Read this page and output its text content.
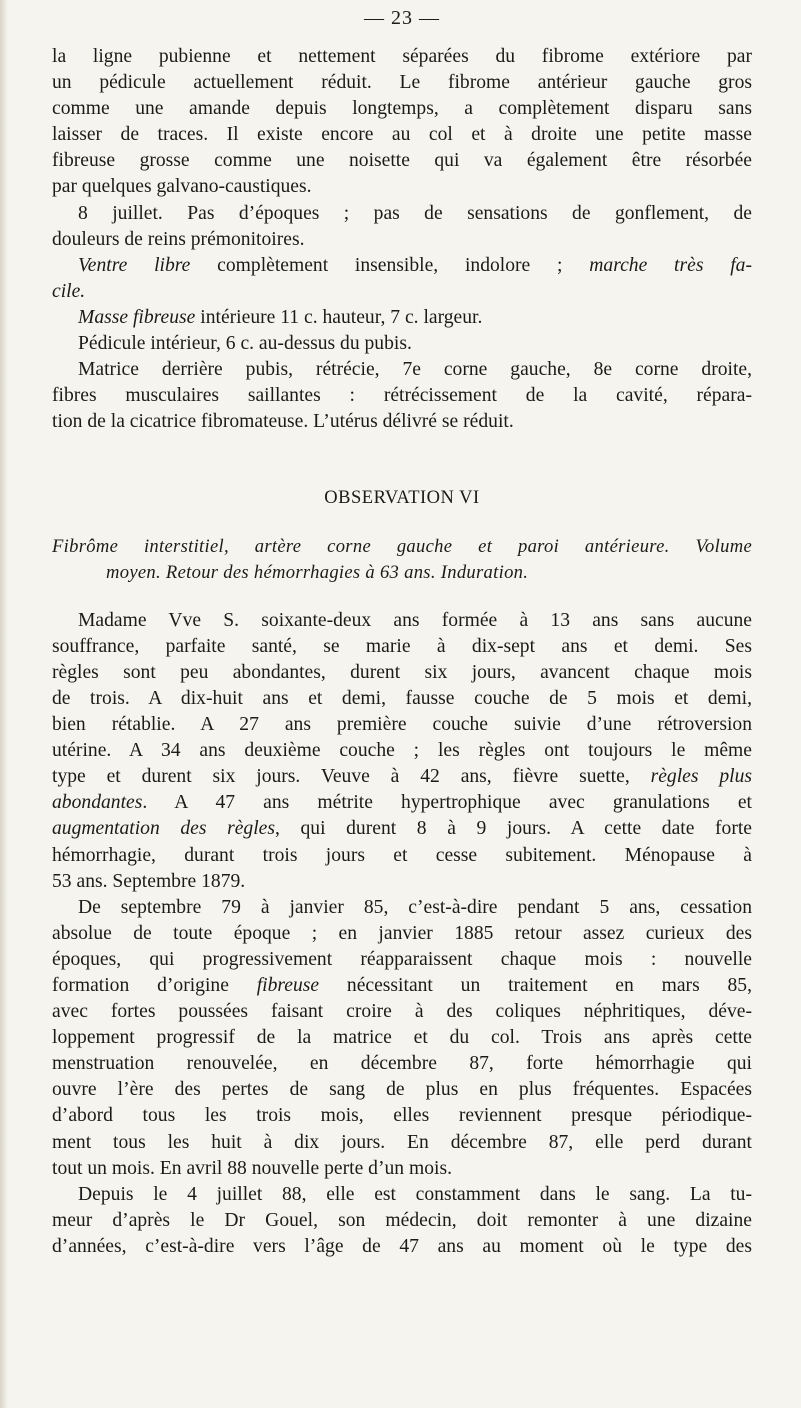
— 23 —
la ligne pubienne et nettement séparées du fibrome extériore par
un pédicule actuellement réduit. Le fibrome antérieur gauche gros
comme une amande depuis longtemps, a complètement disparu sans
laisser de traces. Il existe encore au col et à droite une petite masse
fibreuse grosse comme une noisette qui va également être résorbée
par quelques galvano-caustiques.
8 juillet. Pas d’époques ; pas de sensations de gonflement, de
douleurs de reins prémonitoires.
Ventre libre complètement insensible, indolore ; marche très fa-
cile.
Masse fibreuse intérieure 11 c. hauteur, 7 c. largeur.
Pédicule intérieur, 6 c. au-dessus du pubis.
Matrice derrière pubis, rétrécie, 7e corne gauche, 8e corne droite,
fibres musculaires saillantes : rétrécissement de la cavité, répara-
tion de la cicatrice fibromateuse. L’utérus délivré se réduit.
OBSERVATION VI
Fibrôme interstitiel, artère corne gauche et paroi antérieure. Volume
moyen. Retour des hémorrhagies à 63 ans. Induration.
Madame Vve S. soixante-deux ans formée à 13 ans sans aucune
souffrance, parfaite santé, se marie à dix-sept ans et demi. Ses
règles sont peu abondantes, durent six jours, avancent chaque mois
de trois. A dix-huit ans et demi, fausse couche de 5 mois et demi,
bien rétablie. A 27 ans première couche suivie d’une rétroversion
utérine. A 34 ans deuxième couche ; les règles ont toujours le même
type et durent six jours. Veuve à 42 ans, fièvre suette, règles plus
abondantes. A 47 ans métrite hypertrophique avec granulations et
augmentation des règles, qui durent 8 à 9 jours. A cette date forte
hémorrhagie, durant trois jours et cesse subitement. Ménopause à
53 ans. Septembre 1879.
De septembre 79 à janvier 85, c’est-à-dire pendant 5 ans, cessation
absolue de toute époque ; en janvier 1885 retour assez curieux des
époques, qui progressivement réapparaissent chaque mois : nouvelle
formation d’origine fibreuse nécessitant un traitement en mars 85,
avec fortes poussées faisant croire à des coliques néphritiques, déve-
loppement progressif de la matrice et du col. Trois ans après cette
menstruation renouvelée, en décembre 87, forte hémorrhagie qui
ouvre l’ère des pertes de sang de plus en plus fréquentes. Espacées
d’abord tous les trois mois, elles reviennent presque périodique-
ment tous les huit à dix jours. En décembre 87, elle perd durant
tout un mois. En avril 88 nouvelle perte d’un mois.
Depuis le 4 juillet 88, elle est constamment dans le sang. La tu-
meur d’après le Dr Gouel, son médecin, doit remonter à une dizaine
d’années, c’est-à-dire vers l’âge de 47 ans au moment où le type des
